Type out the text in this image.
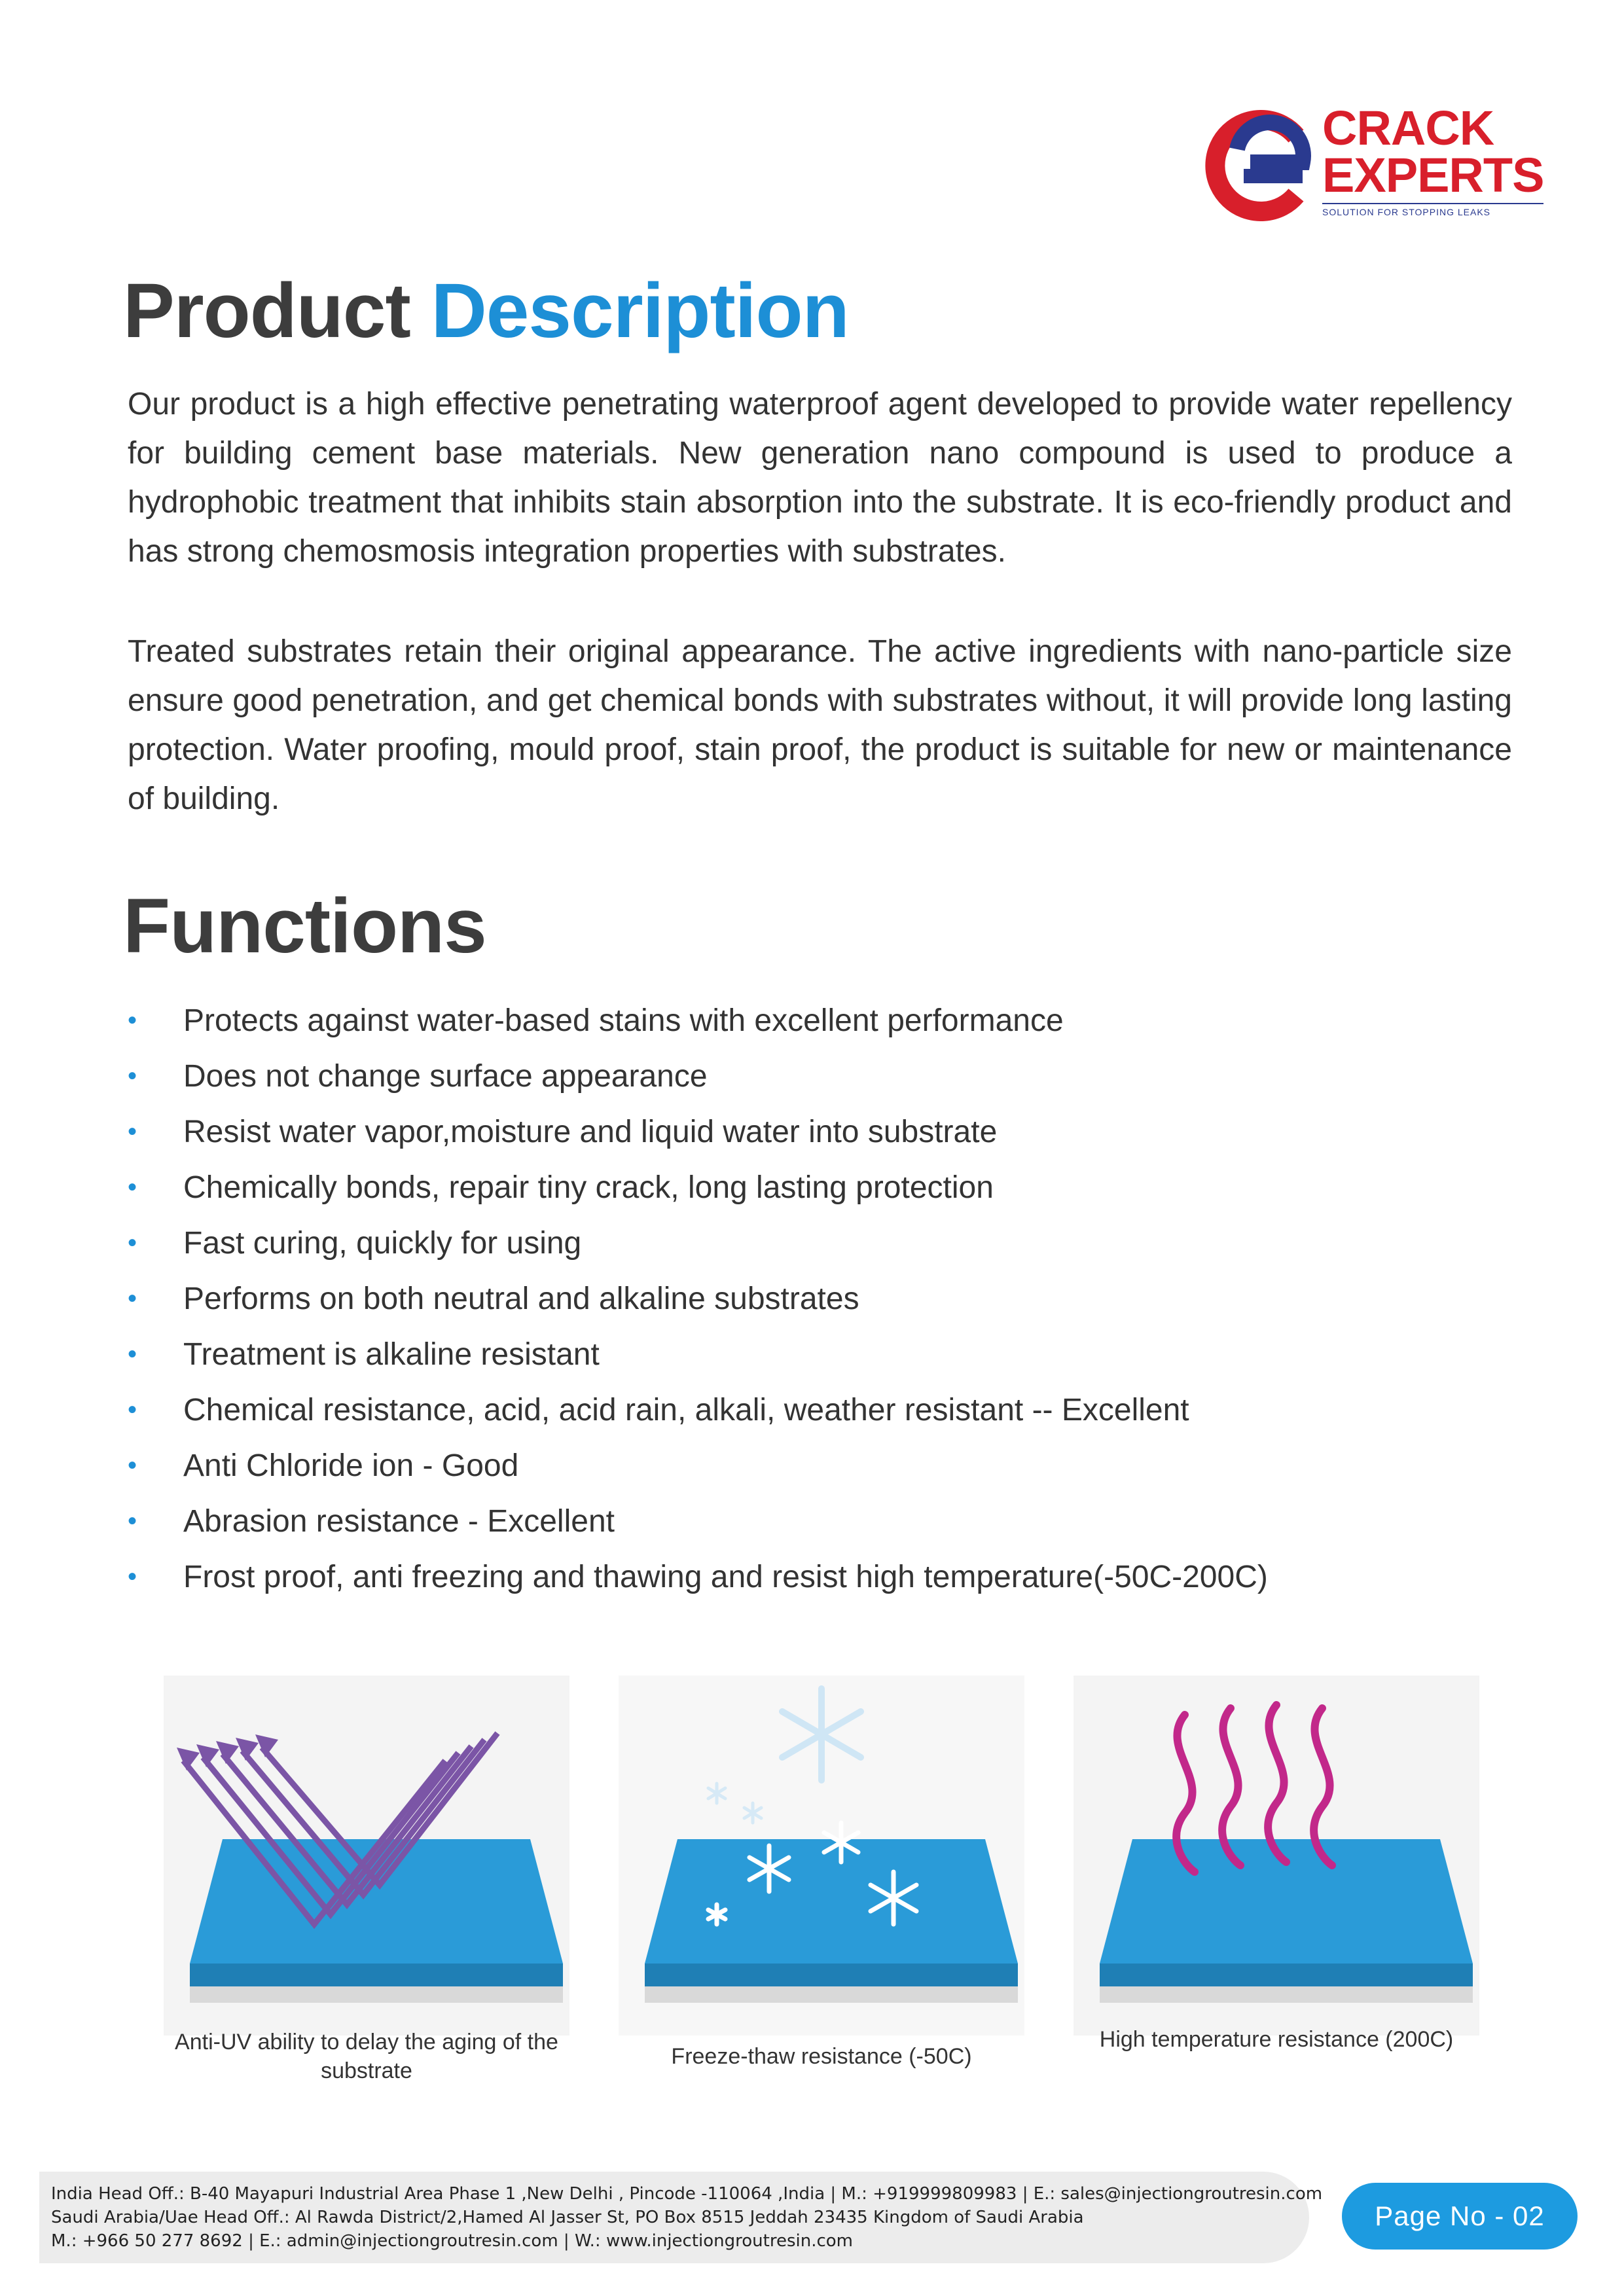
CRACK
EXPERTS
SOLUTION FOR STOPPING LEAKS
Product Description

Our product is a high effective penetrating waterproof agent developed to provide water repellency for building cement base materials. New generation nano compound is used to produce a hydrophobic treatment that inhibits stain absorption into the substrate. It is eco-friendly product and has strong chemosmosis integration properties with substrates.

Treated substrates retain their original appearance. The active ingredients with nano-particle size ensure good penetration, and get chemical bonds with substrates without, it will provide long lasting protection. Water proofing, mould proof, stain proof, the product is suitable for new or maintenance of building.

Functions
• Protects against water-based stains with excellent performance
• Does not change surface appearance
• Resist water vapor,moisture and liquid water into substrate
• Chemically bonds, repair tiny crack, long lasting protection
• Fast curing, quickly for using
• Performs on both neutral and alkaline substrates
• Treatment is alkaline resistant
• Chemical resistance, acid, acid rain, alkali, weather resistant -- Excellent
• Anti Chloride ion - Good
• Abrasion resistance - Excellent
• Frost proof, anti freezing and thawing and resist high temperature(-50C-200C)
Anti-UV ability to delay the aging of the substrate
Freeze-thaw resistance (-50C)
High temperature resistance (200C)
India Head Off.: B-40 Mayapuri Industrial Area Phase 1 ,New Delhi , Pincode -110064 ,India | M.: +919999809983 | E.: sales@injectiongroutresin.com
Saudi Arabia/Uae Head Off.: Al Rawda District/2,Hamed Al Jasser St, PO Box 8515 Jeddah 23435 Kingdom of Saudi Arabia
M.: +966 50 277 8692 | E.: admin@injectiongroutresin.com | W.: www.injectiongroutresin.com
Page No - 02
